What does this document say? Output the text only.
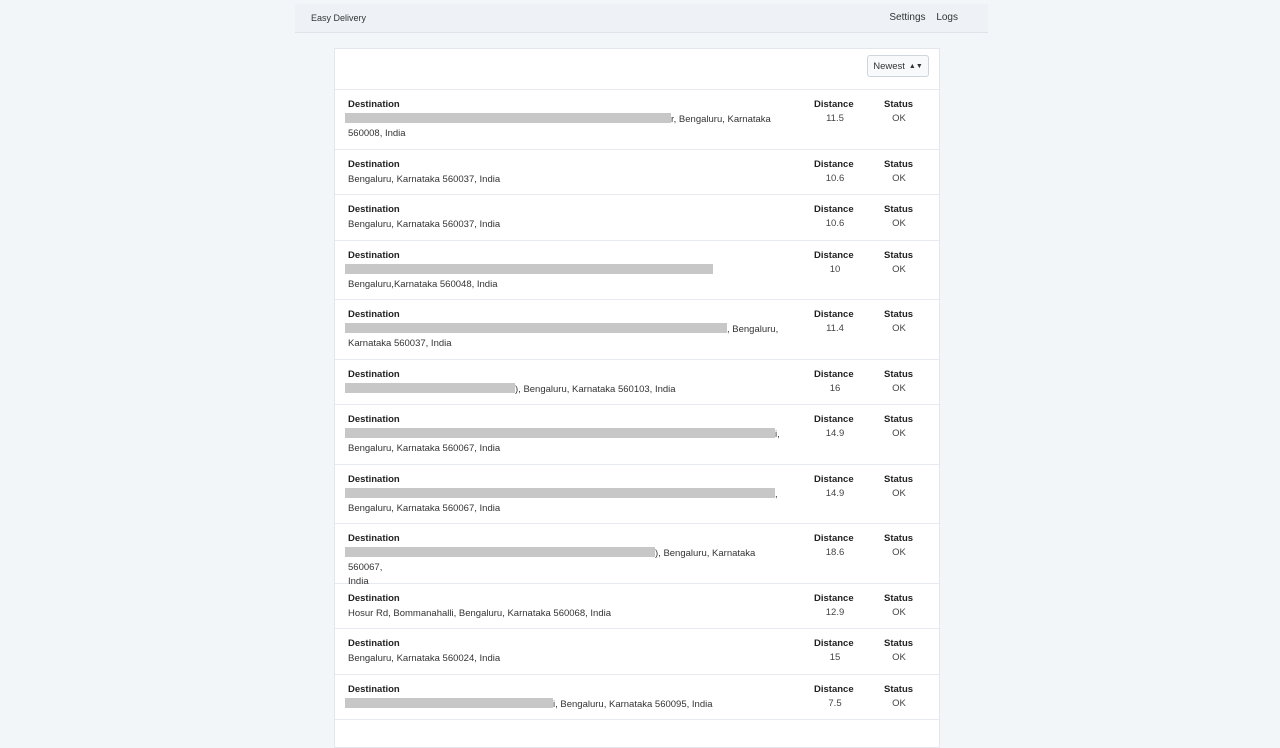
Easy Delivery	Settings Logs
Newest ▲▼
Destination	Distance	Status
r, Bengaluru, Karnataka
560008, India
11.5	OK
Destination	Distance	Status
Bengaluru, Karnataka 560037, India	10.6	OK
Destination	Distance	Status
Bengaluru, Karnataka 560037, India	10.6	OK
Destination	Distance	Status

Bengaluru,Karnataka 560048, India
10	OK
Destination	Distance	Status
, Bengaluru,
Karnataka 560037, India
11.4	OK
Destination	Distance	Status
), Bengaluru, Karnataka 560103, India	16	OK
Destination	Distance	Status
i,
Bengaluru, Karnataka 560067, India
14.9	OK
Destination	Distance	Status
,
Bengaluru, Karnataka 560067, India
14.9	OK
Destination	Distance	Status
), Bengaluru, Karnataka 560067,
India
18.6	OK
Destination	Distance	Status
Hosur Rd, Bommanahalli, Bengaluru, Karnataka 560068, India	12.9	OK
Destination	Distance	Status
Bengaluru, Karnataka 560024, India	15	OK
Destination	Distance	Status
i, Bengaluru, Karnataka 560095, India	7.5	OK
